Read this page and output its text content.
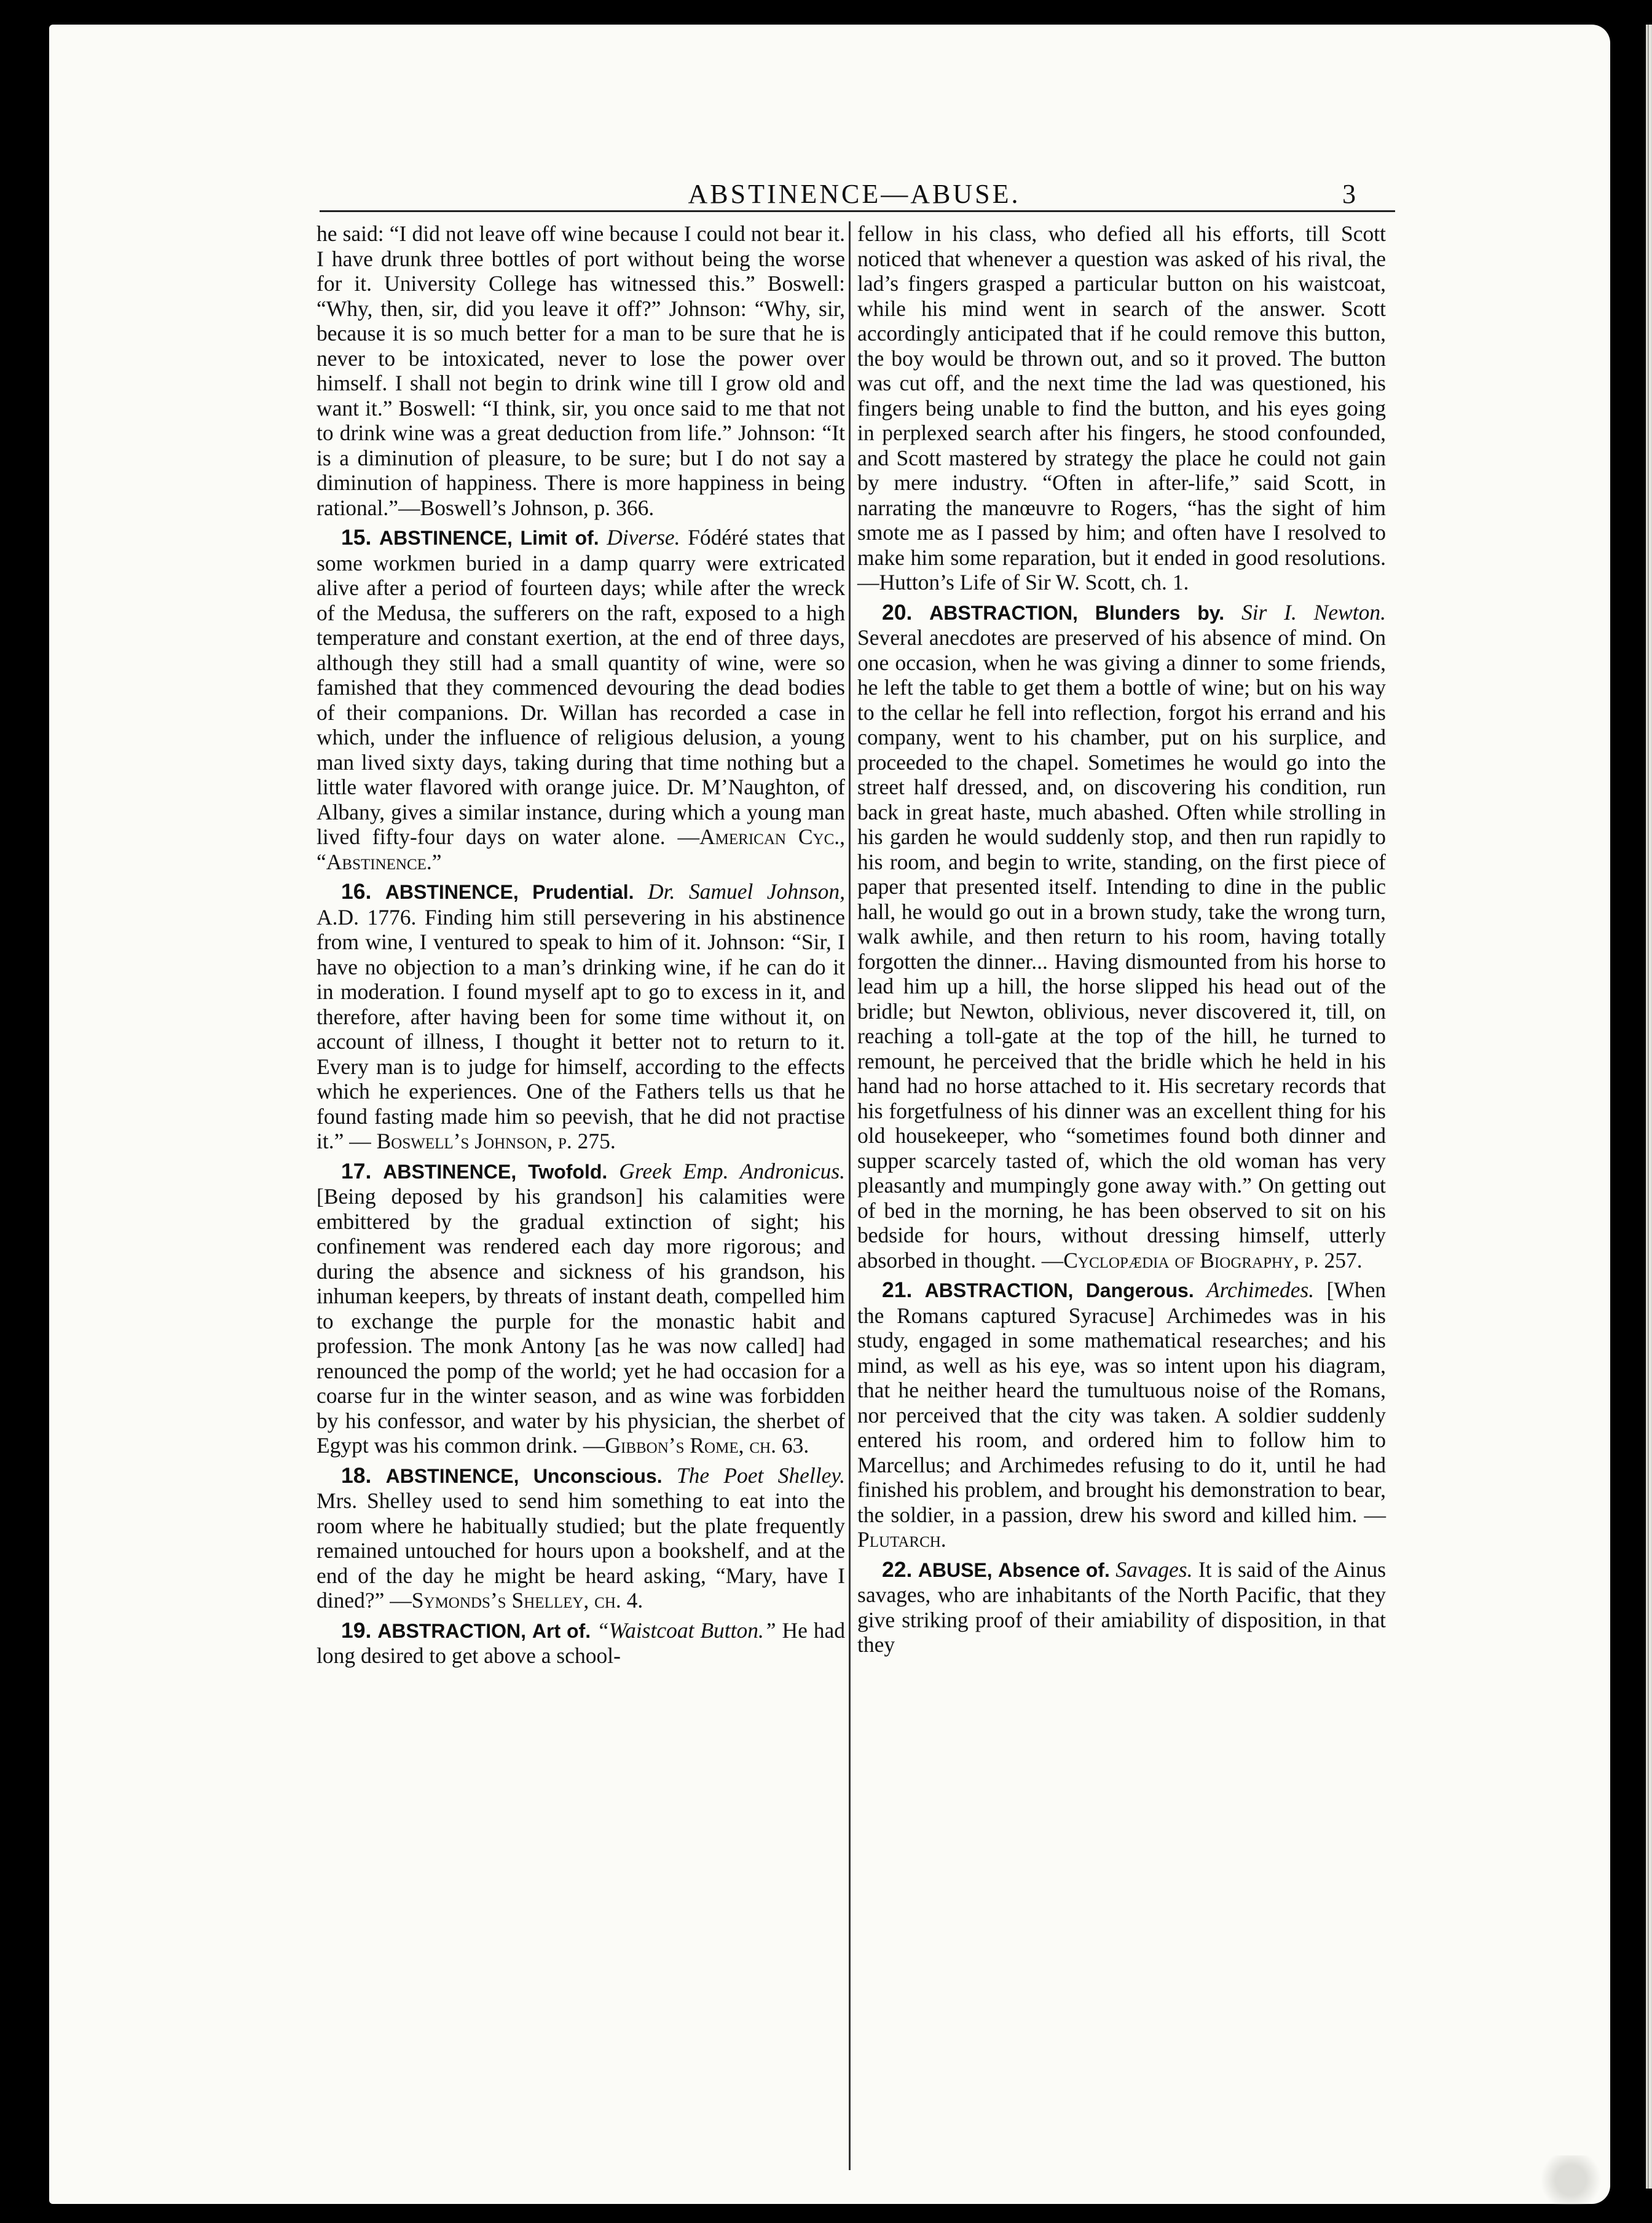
ABSTINENCE—ABUSE.	3

he said: “I did not leave off wine because I could not bear it. I have drunk three bottles of port without being the worse for it. University College has witnessed this.” Boswell: “Why, then, sir, did you leave it off?” Johnson: “Why, sir, because it is so much better for a man to be sure that he is never to be intoxicated, never to lose the power over himself. I shall not begin to drink wine till I grow old and want it.” Boswell: “I think, sir, you once said to me that not to drink wine was a great deduction from life.” Johnson: “It is a diminution of pleasure, to be sure; but I do not say a diminution of happiness. There is more happiness in being rational.”—Boswell’s Johnson, p. 366.

15. ABSTINENCE, Limit of. Diverse. Fódéré states that some workmen buried in a damp quarry were extricated alive after a period of fourteen days; while after the wreck of the Medusa, the sufferers on the raft, exposed to a high temperature and constant exertion, at the end of three days, although they still had a small quantity of wine, were so famished that they commenced devouring the dead bodies of their companions. Dr. Willan has recorded a case in which, under the influence of religious delusion, a young man lived sixty days, taking during that time nothing but a little water flavored with orange juice. Dr. M’Naughton, of Albany, gives a similar instance, during which a young man lived fifty-four days on water alone. —American Cyc., “Abstinence.”

16. ABSTINENCE, Prudential. Dr. Samuel Johnson, A.D. 1776. Finding him still persevering in his abstinence from wine, I ventured to speak to him of it. Johnson: “Sir, I have no objection to a man’s drinking wine, if he can do it in moderation. I found myself apt to go to excess in it, and therefore, after having been for some time without it, on account of illness, I thought it better not to return to it. Every man is to judge for himself, according to the effects which he experiences. One of the Fathers tells us that he found fasting made him so peevish, that he did not practise it.” — Boswell’s Johnson, p. 275.

17. ABSTINENCE, Twofold. Greek Emp. Andronicus. [Being deposed by his grandson] his calamities were embittered by the gradual extinction of sight; his confinement was rendered each day more rigorous; and during the absence and sickness of his grandson, his inhuman keepers, by threats of instant death, compelled him to exchange the purple for the monastic habit and profession. The monk Antony [as he was now called] had renounced the pomp of the world; yet he had occasion for a coarse fur in the winter season, and as wine was forbidden by his confessor, and water by his physician, the sherbet of Egypt was his common drink. —Gibbon’s Rome, ch. 63.

18. ABSTINENCE, Unconscious. The Poet Shelley. Mrs. Shelley used to send him something to eat into the room where he habitually studied; but the plate frequently remained untouched for hours upon a bookshelf, and at the end of the day he might be heard asking, “Mary, have I dined?” —Symonds’s Shelley, ch. 4.

19. ABSTRACTION, Art of. “Waistcoat Button.” He had long desired to get above a school-

fellow in his class, who defied all his efforts, till Scott noticed that whenever a question was asked of his rival, the lad’s fingers grasped a particular button on his waistcoat, while his mind went in search of the answer. Scott accordingly anticipated that if he could remove this button, the boy would be thrown out, and so it proved. The button was cut off, and the next time the lad was questioned, his fingers being unable to find the button, and his eyes going in perplexed search after his fingers, he stood confounded, and Scott mastered by strategy the place he could not gain by mere industry. “Often in after-life,” said Scott, in narrating the manœuvre to Rogers, “has the sight of him smote me as I passed by him; and often have I resolved to make him some reparation, but it ended in good resolutions.—Hutton’s Life of Sir W. Scott, ch. 1.

20. ABSTRACTION, Blunders by. Sir I. Newton. Several anecdotes are preserved of his absence of mind. On one occasion, when he was giving a dinner to some friends, he left the table to get them a bottle of wine; but on his way to the cellar he fell into reflection, forgot his errand and his company, went to his chamber, put on his surplice, and proceeded to the chapel. Sometimes he would go into the street half dressed, and, on discovering his condition, run back in great haste, much abashed. Often while strolling in his garden he would suddenly stop, and then run rapidly to his room, and begin to write, standing, on the first piece of paper that presented itself. Intending to dine in the public hall, he would go out in a brown study, take the wrong turn, walk awhile, and then return to his room, having totally forgotten the dinner... Having dismounted from his horse to lead him up a hill, the horse slipped his head out of the bridle; but Newton, oblivious, never discovered it, till, on reaching a toll-gate at the top of the hill, he turned to remount, he perceived that the bridle which he held in his hand had no horse attached to it. His secretary records that his forgetfulness of his dinner was an excellent thing for his old housekeeper, who “sometimes found both dinner and supper scarcely tasted of, which the old woman has very pleasantly and mumpingly gone away with.” On getting out of bed in the morning, he has been observed to sit on his bedside for hours, without dressing himself, utterly absorbed in thought. —Cyclopædia of Biography, p. 257.

21. ABSTRACTION, Dangerous. Archimedes. [When the Romans captured Syracuse] Archimedes was in his study, engaged in some mathematical researches; and his mind, as well as his eye, was so intent upon his diagram, that he neither heard the tumultuous noise of the Romans, nor perceived that the city was taken. A soldier suddenly entered his room, and ordered him to follow him to Marcellus; and Archimedes refusing to do it, until he had finished his problem, and brought his demonstration to bear, the soldier, in a passion, drew his sword and killed him. —Plutarch.

22. ABUSE, Absence of. Savages. It is said of the Ainus savages, who are inhabitants of the North Pacific, that they give striking proof of their amiability of disposition, in that they
